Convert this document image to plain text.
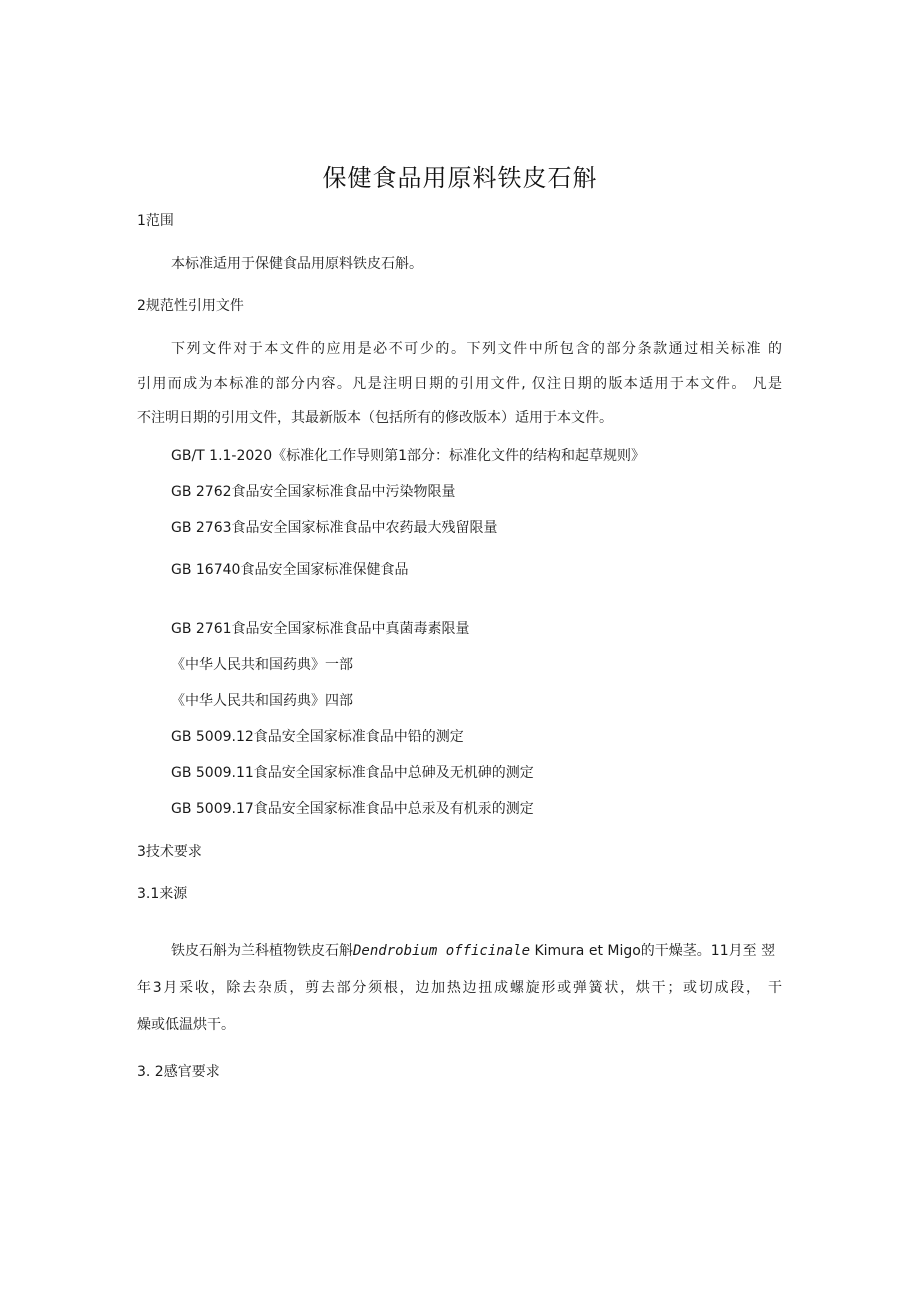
保健食品用原料铁皮石斛
1范围
本标准适用于保健食品用原料铁皮石斛。
2规范性引用文件
下列文件对于本文件的应用是必不可少的。下列文件中所包含的部分条款通过相关标准 的
引用而成为本标准的部分内容。凡是注明日期的引用文件, 仅注日期的版本适用于本文件。 凡是
不注明日期的引用文件，其最新版本（包括所有的修改版本）适用于本文件。
GB/T 1.1-2020《标准化工作导则第1部分：标准化文件的结构和起草规则》
GB 2762食品安全国家标准食品中污染物限量
GB 2763食品安全国家标准食品中农药最大残留限量
GB 16740食品安全国家标准保健食品
GB 2761食品安全国家标准食品中真菌毒素限量
《中华人民共和国药典》一部
《中华人民共和国药典》四部
GB 5009.12食品安全国家标准食品中铅的测定
GB 5009.11食品安全国家标准食品中总砷及无机砷的测定
GB 5009.17食品安全国家标准食品中总汞及有机汞的测定
3技术要求
3.1来源
铁皮石斛为兰科植物铁皮石斛Dendrobium officinale Kimura et Migo的干燥茎。11月至 翌
年3月采收，除去杂质，剪去部分须根，边加热边扭成螺旋形或弹簧状，烘干；或切成段， 干
燥或低温烘干。
3. 2感官要求
